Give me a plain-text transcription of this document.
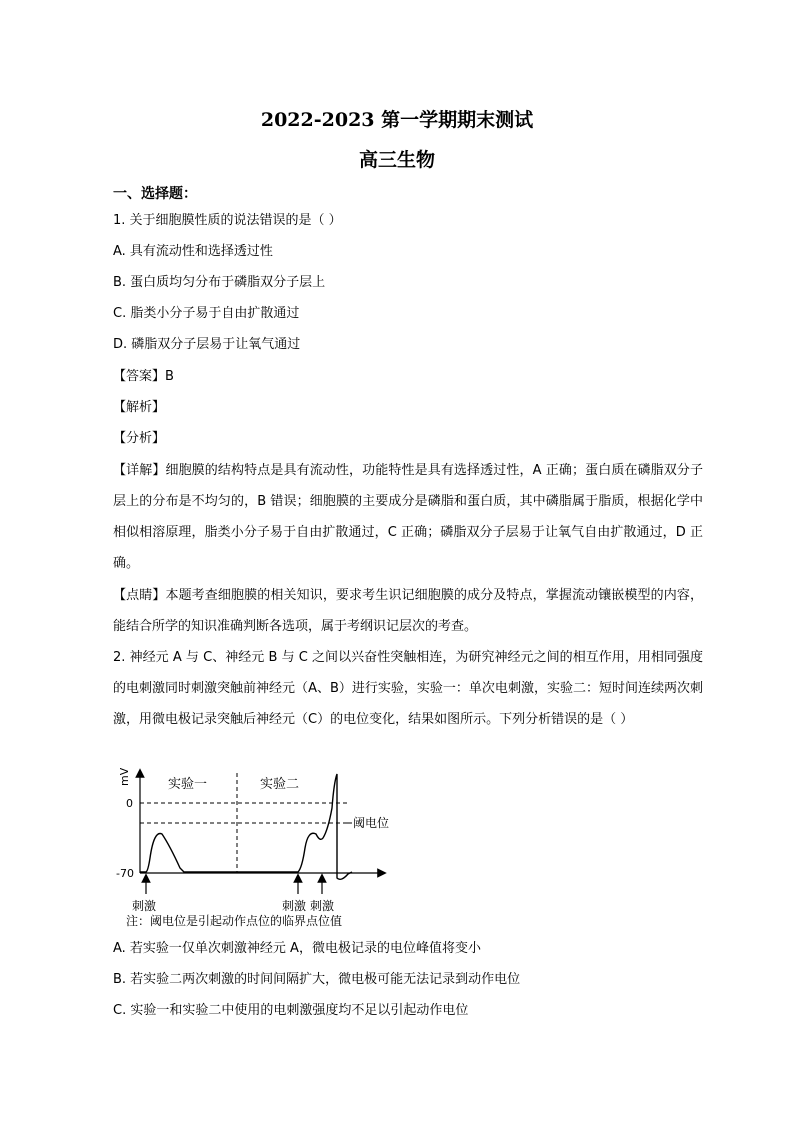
2022-2023 第一学期期末测试
高三生物
一、选择题：
1. 关于细胞膜性质的说法错误的是（ ）
A. 具有流动性和选择透过性
B. 蛋白质均匀分布于磷脂双分子层上
C. 脂类小分子易于自由扩散通过
D. 磷脂双分子层易于让氧气通过
【答案】B
【解析】
【分析】
【详解】细胞膜的结构特点是具有流动性，功能特性是具有选择透过性，A 正确；蛋白质在磷脂双分子层上的分布是不均匀的，B 错误；细胞膜的主要成分是磷脂和蛋白质，其中磷脂属于脂质，根据化学中相似相溶原理，脂类小分子易于自由扩散通过，C 正确；磷脂双分子层易于让氧气自由扩散通过，D 正确。
【点睛】本题考查细胞膜的相关知识，要求考生识记细胞膜的成分及特点，掌握流动镶嵌模型的内容，能结合所学的知识准确判断各选项，属于考纲识记层次的考查。
2. 神经元 A 与 C、神经元 B 与 C 之间以兴奋性突触相连，为研究神经元之间的相互作用，用相同强度的电刺激同时刺激突触前神经元（A、B）进行实验，实验一：单次电刺激，实验二：短时间连续两次刺激，用微电极记录突触后神经元（C）的电位变化，结果如图所示。下列分析错误的是（ ）
mV
0
-70
阈电位
实验一	实验二
刺激	刺激 刺激
注：阈电位是引起动作点位的临界点位值
A. 若实验一仅单次刺激神经元 A，微电极记录的电位峰值将变小
B. 若实验二两次刺激的时间间隔扩大，微电极可能无法记录到动作电位
C. 实验一和实验二中使用的电刺激强度均不足以引起动作电位
